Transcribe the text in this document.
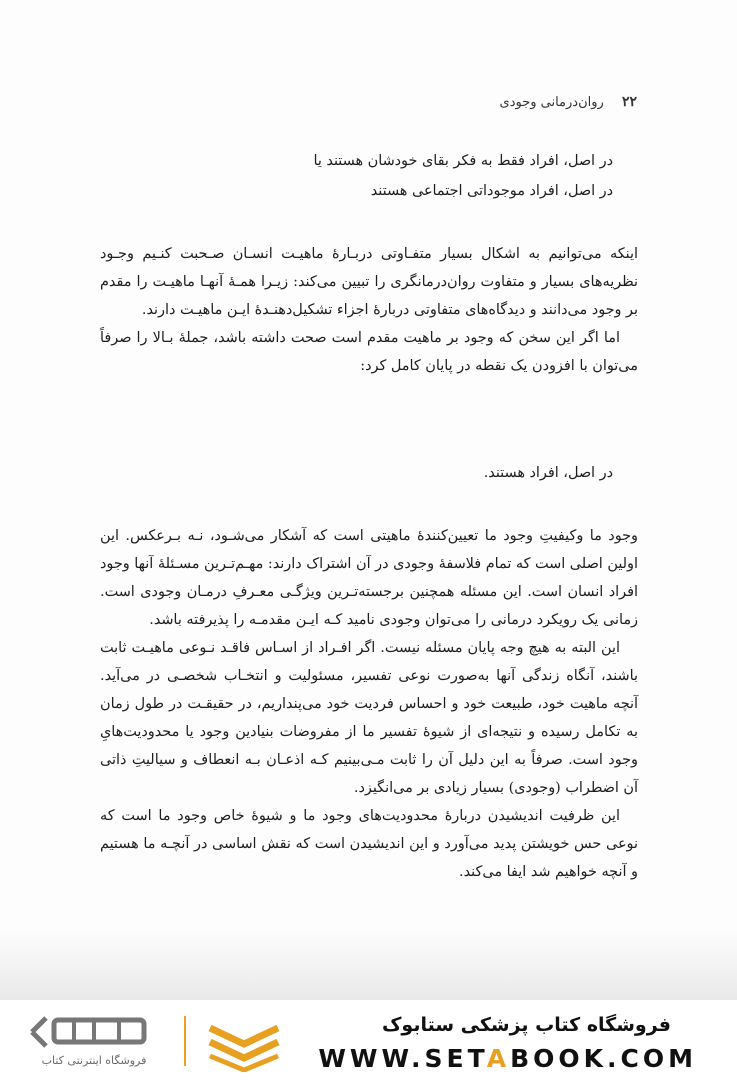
۲۲ روان‌درمانی وجودی

در اصل، افراد فقط به فکر بقای خودشان هستند یا

در اصل، افراد موجوداتی اجتماعی هستند

اینکه می‌توانیم به اشکال بسیار متفـاوتی دربـارۀ ماهیـت انسـان صـحبت کنـیم وجـود نظریه‌های بسیار و متفاوت روان‌درمانگری را تبیین می‌کند: زیـرا همـۀ آنهـا ماهیـت را مقدم بر وجود می‌دانند و دیدگاه‌های متفاوتی دربارۀ اجزاء تشکیل‌دهنـدۀ ایـن ماهیـت دارند.

اما اگر این سخن که وجود بر ماهیت مقدم است صحت داشته باشد، جملۀ بـالا را صرفاً می‌توان با افزودن یک نقطه در پایان کامل کرد:

در اصل، افراد هستند.

وجود ما وکیفیتِ وجود ما تعیین‌کنندۀ ماهیتی است که آشکار می‌شـود، نـه بـرعکس. این اولین اصلی است که تمام فلاسفۀ وجودی در آن اشتراک دارند: مهـم‌تـرین مسـئلۀ آنها وجود افراد انسان است. این مسئله همچنین برجسته‌تـرین ویژگـی معـرفِ درمـان وجودی است. زمانی یک رویکرد درمانی را می‌توان وجودی نامید کـه ایـن مقدمـه را پذیرفته باشد.

این البته به هیچ وجه پایان مسئله نیست. اگر افـراد از اسـاس فاقـد نـوعی ماهیـت ثابت باشند، آنگاه زندگی آنها به‌صورت نوعی تفسیر، مسئولیت و انتخـاب شخصـی در می‌آید. آنچه ماهیت خود، طبیعت خود و احساس فردیت خود می‌پنداریم، در حقیقـت در طول زمان به تکامل رسیده و نتیجه‌ای از شیوۀ تفسیر ما از مفروضات بنیادین وجود یا محدودیت‌هایِ وجود است. صرفاً به این دلیل آن را ثابت مـی‌بینیم کـه اذعـان بـه انعطاف و سیالیتِ ذاتی آن اضطراب (وجودی) بسیار زیادی بر می‌انگیزد.

این ظرفیت اندیشیدن دربارۀ محدودیت‌های وجود ما و شیوۀ خاص وجود ما است که نوعی حس خویشتن پدید می‌آورد و این اندیشیدن است که نقش اساسی در آنچـه ما هستیم و آنچه خواهیم شد ایفا می‌کند.

فروشگاه اینترنتی کتاب
فروشگاه کتاب پزشکی ستابوک
WWW.SETABOOK.COM
